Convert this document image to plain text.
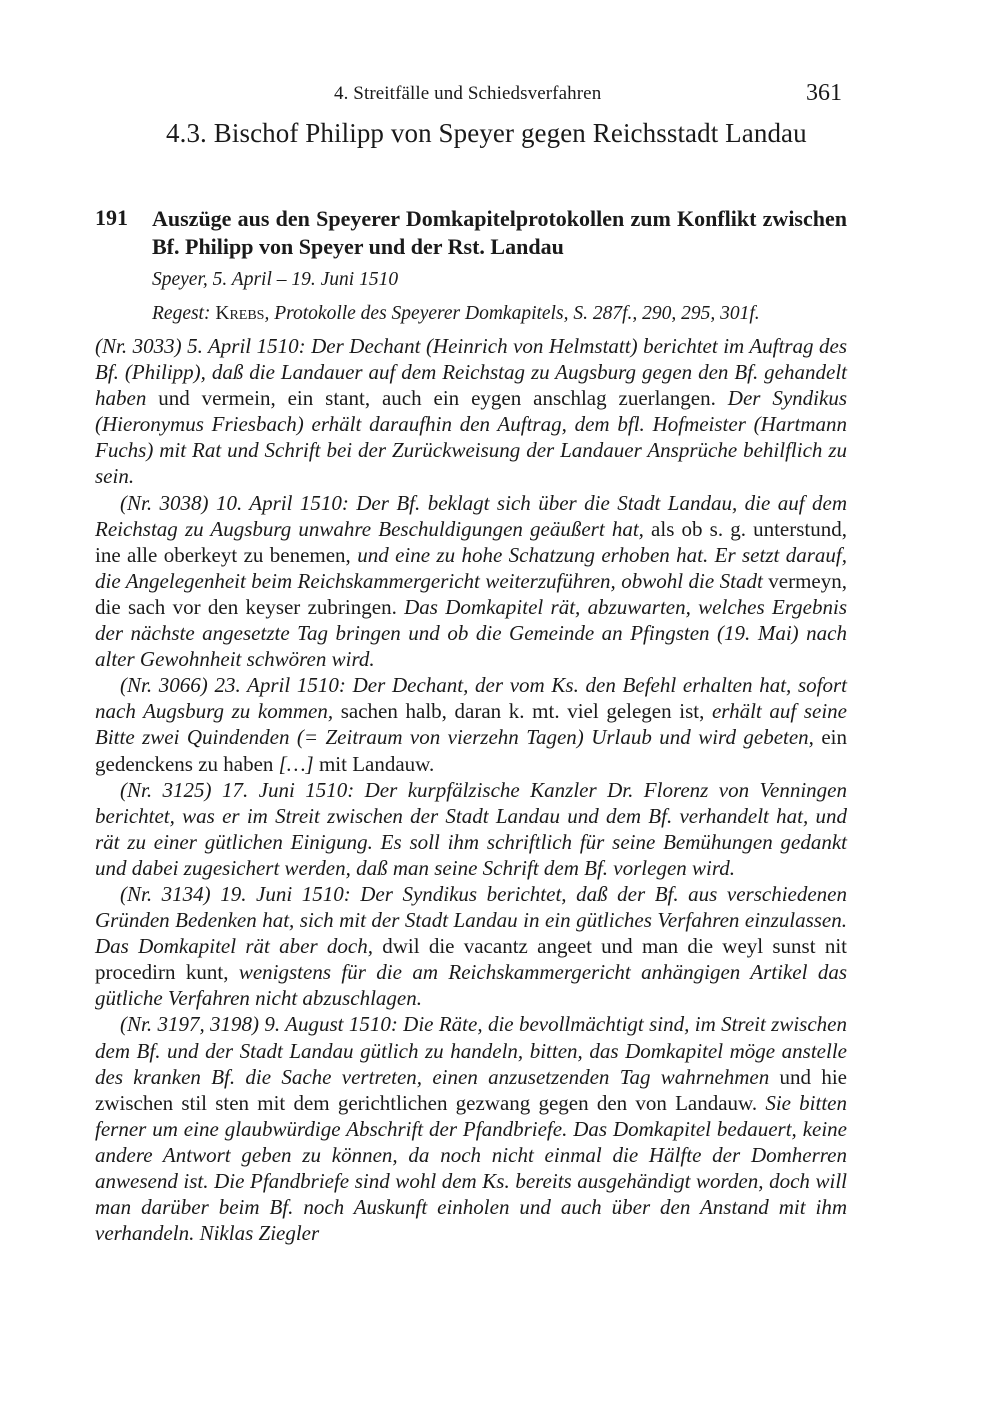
4. Streitfälle und Schiedsverfahren	361
4.3. Bischof Philipp von Speyer gegen Reichsstadt Landau
191 Auszüge aus den Speyerer Domkapitelprotokollen zum Konflikt zwischen Bf. Philipp von Speyer und der Rst. Landau
Speyer, 5. April – 19. Juni 1510
Regest: Krebs, Protokolle des Speyerer Domkapitels, S. 287f., 290, 295, 301f.

(Nr. 3033) 5. April 1510: Der Dechant (Heinrich von Helmstatt) berichtet im Auftrag des Bf. (Philipp), daß die Landauer auf dem Reichstag zu Augsburg gegen den Bf. gehandelt haben und vermein, ein stant, auch ein eygen anschlag zuerlangen. Der Syndikus (Hieronymus Friesbach) erhält daraufhin den Auftrag, dem bfl. Hofmeister (Hartmann Fuchs) mit Rat und Schrift bei der Zurückweisung der Landauer Ansprüche behilflich zu sein.

(Nr. 3038) 10. April 1510: Der Bf. beklagt sich über die Stadt Landau, die auf dem Reichstag zu Augsburg unwahre Beschuldigungen geäußert hat, als ob s. g. unterstund, ine alle oberkeyt zu benemen, und eine zu hohe Schatzung erhoben hat. Er setzt darauf, die Angelegenheit beim Reichskammergericht weiterzuführen, obwohl die Stadt vermeyn, die sach vor den keyser zubringen. Das Domkapitel rät, abzuwarten, welches Ergebnis der nächste angesetzte Tag bringen und ob die Gemeinde an Pfingsten (19. Mai) nach alter Gewohnheit schwören wird.

(Nr. 3066) 23. April 1510: Der Dechant, der vom Ks. den Befehl erhalten hat, sofort nach Augsburg zu kommen, sachen halb, daran k. mt. viel gelegen ist, erhält auf seine Bitte zwei Quindenden (= Zeitraum von vierzehn Tagen) Urlaub und wird gebeten, ein gedenckens zu haben […] mit Landauw.

(Nr. 3125) 17. Juni 1510: Der kurpfälzische Kanzler Dr. Florenz von Venningen berichtet, was er im Streit zwischen der Stadt Landau und dem Bf. verhandelt hat, und rät zu einer gütlichen Einigung. Es soll ihm schriftlich für seine Bemühungen gedankt und dabei zugesichert werden, daß man seine Schrift dem Bf. vorlegen wird.

(Nr. 3134) 19. Juni 1510: Der Syndikus berichtet, daß der Bf. aus verschiedenen Gründen Bedenken hat, sich mit der Stadt Landau in ein gütliches Verfahren einzulassen. Das Domkapitel rät aber doch, dwil die vacantz angeet und man die weyl sunst nit procedirn kunt, wenigstens für die am Reichskammergericht anhängigen Artikel das gütliche Verfahren nicht abzuschlagen.

(Nr. 3197, 3198) 9. August 1510: Die Räte, die bevollmächtigt sind, im Streit zwischen dem Bf. und der Stadt Landau gütlich zu handeln, bitten, das Domkapitel möge anstelle des kranken Bf. die Sache vertreten, einen anzusetzenden Tag wahrnehmen und hie zwischen stil sten mit dem gerichtlichen gezwang gegen den von Landauw. Sie bitten ferner um eine glaubwürdige Abschrift der Pfandbriefe. Das Domkapitel bedauert, keine andere Antwort geben zu können, da noch nicht einmal die Hälfte der Domherren anwesend ist. Die Pfandbriefe sind wohl dem Ks. bereits ausgehändigt worden, doch will man darüber beim Bf. noch Auskunft einholen und auch über den Anstand mit ihm verhandeln. Niklas Ziegler
